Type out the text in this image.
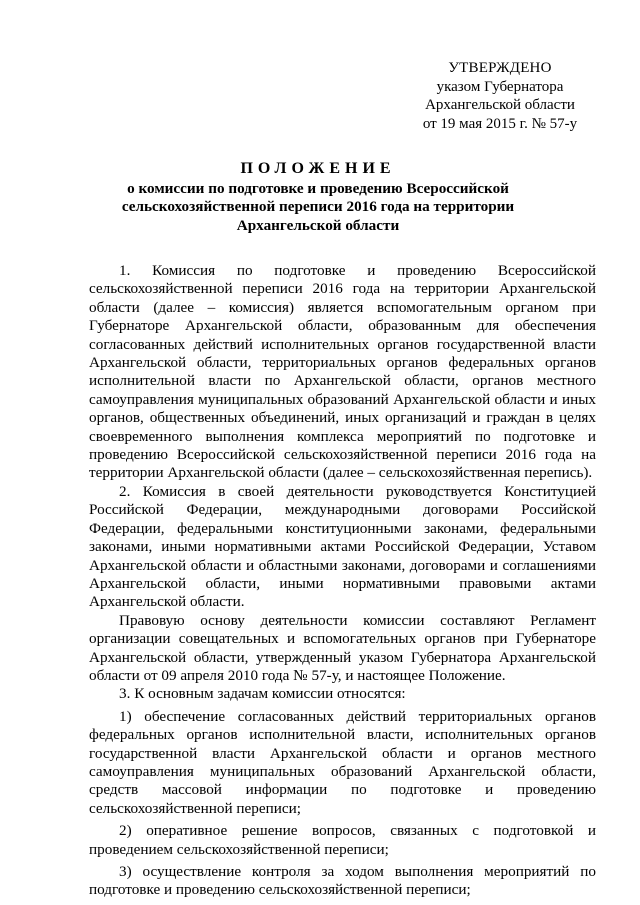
УТВЕРЖДЕНО
указом Губернатора
Архангельской области
от 19 мая 2015 г. № 57-у
ПОЛОЖЕНИЕ
о комиссии по подготовке и проведению Всероссийской
сельскохозяйственной переписи 2016 года на территории
Архангельской области

1. Комиссия по подготовке и проведению Всероссийской сельскохозяйственной переписи 2016 года на территории Архангельской области (далее – комиссия) является вспомогательным органом при Губернаторе Архангельской области, образованным для обеспечения согласованных действий исполнительных органов государственной власти Архангельской области, территориальных органов федеральных органов исполнительной власти по Архангельской области, органов местного самоуправления муниципальных образований Архангельской области и иных органов, общественных объединений, иных организаций и граждан в целях своевременного выполнения комплекса мероприятий по подготовке и проведению Всероссийской сельскохозяйственной переписи 2016 года на территории Архангельской области (далее – сельскохозяйственная перепись).

2. Комиссия в своей деятельности руководствуется Конституцией Российской Федерации, международными договорами Российской Федерации, федеральными конституционными законами, федеральными законами, иными нормативными актами Российской Федерации, Уставом Архангельской области и областными законами, договорами и соглашениями Архангельской области, иными нормативными правовыми актами Архангельской области.

Правовую основу деятельности комиссии составляют Регламент организации совещательных и вспомогательных органов при Губернаторе Архангельской области, утвержденный указом Губернатора Архангельской области от 09 апреля 2010 года № 57-у, и настоящее Положение.

3. К основным задачам комиссии относятся:

1) обеспечение согласованных действий территориальных органов федеральных органов исполнительной власти, исполнительных органов государственной власти Архангельской области и органов местного самоуправления муниципальных образований Архангельской области, средств массовой информации по подготовке и проведению сельскохозяйственной переписи;

2) оперативное решение вопросов, связанных с подготовкой и проведением сельскохозяйственной переписи;

3) осуществление контроля за ходом выполнения мероприятий по подготовке и проведению сельскохозяйственной переписи;
